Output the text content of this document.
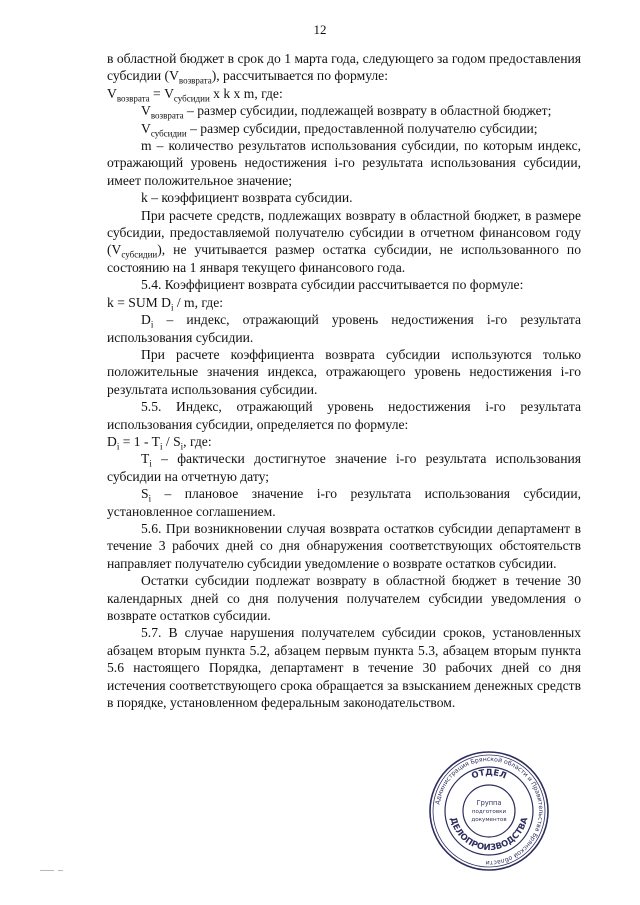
12

в областной бюджет в срок до 1 марта года, следующего за годом предоставления субсидии $(V_{возврата})$, рассчитывается по формуле:

$V_{возврата} = V_{субсидии}$ x k x m, где:

$V_{возврата}$ – размер субсидии, подлежащей возврату в областной бюджет;

$V_{субсидии}$ – размер субсидии, предоставленной получателю субсидии;

m – количество результатов использования субсидии, по которым индекс, отражающий уровень недостижения i-го результата использования субсидии, имеет положительное значение;

k – коэффициент возврата субсидии.

При расчете средств, подлежащих возврату в областной бюджет, в размере субсидии, предоставляемой получателю субсидии в отчетном финансовом году $(V_{субсидии})$, не учитывается размер остатка субсидии, не использованного по состоянию на 1 января текущего финансового года.

5.4. Коэффициент возврата субсидии рассчитывается по формуле:

k = SUM $D_i$ / m, где:

$D_i$ – индекс, отражающий уровень недостижения i-го результата использования субсидии.

При расчете коэффициента возврата субсидии используются только положительные значения индекса, отражающего уровень недостижения i-го результата использования субсидии.

5.5. Индекс, отражающий уровень недостижения i-го результата использования субсидии, определяется по формуле:

$D_i = 1 - T_i / S_i$, где:

$T_i$ – фактически достигнутое значение i-го результата использования субсидии на отчетную дату;

$S_i$ – плановое значение i-го результата использования субсидии, установленное соглашением.

5.6. При возникновении случая возврата остатков субсидии департамент в течение 3 рабочих дней со дня обнаружения соответствующих обстоятельств направляет получателю субсидии уведомление о возврате остатков субсидии.

Остатки субсидии подлежат возврату в областной бюджет в течение 30 календарных дней со дня получения получателем субсидии уведомления о возврате остатков субсидии.

5.7. В случае нарушения получателем субсидии сроков, установленных абзацем вторым пункта 5.2, абзацем первым пункта 5.3, абзацем вторым пункта 5.6 настоящего Порядка, департамент в течение 30 рабочих дней со дня истечения соответствующего срока обращается за взысканием денежных средств в порядке, установленном федеральным законодательством.

Администрация Брянской области и Правительства Брянской области
ОТДЕЛ
ДЕЛОПРОИЗВОДСТВА
Группа
подготовки
документов
